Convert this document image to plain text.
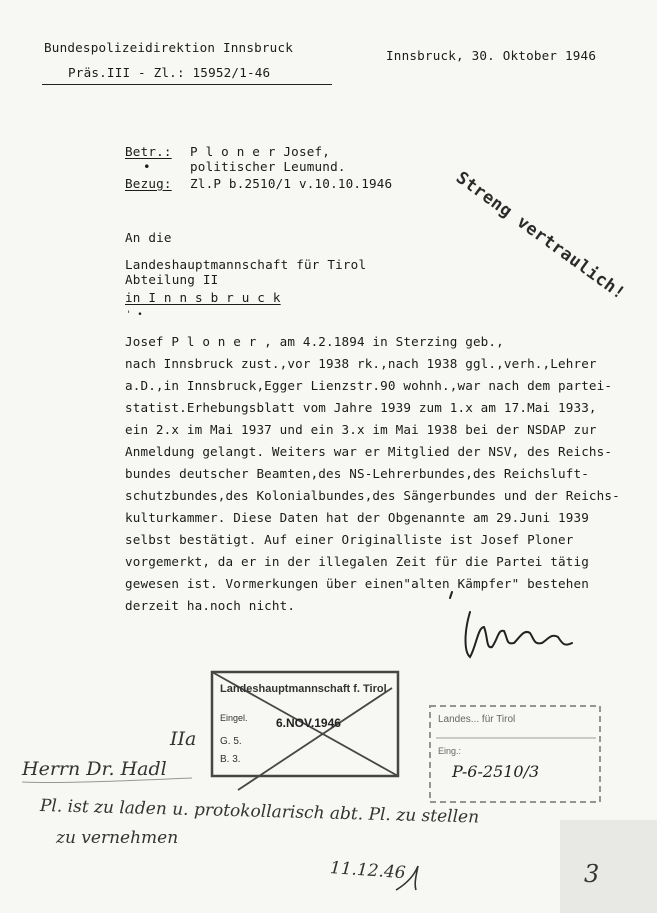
Bundespolizeidirektion Innsbruck
Präs.III - Zl.: 15952/1-46
Innsbruck, 30. Oktober 1946
Betr.: P l o n e r Josef,
politischer Leumund.
•
Bezug: Zl.P b.2510/1 v.10.10.1946	Streng vertraulich!
An die
Landeshauptmannschaft für Tirol
Abteilung II
in I n n s b r u c k
' •
Josef P l o n e r , am 4.2.1894 in Sterzing geb.,
nach Innsbruck zust.,vor 1938 rk.,nach 1938 ggl.,verh.,Lehrer
a.D.,in Innsbruck,Egger Lienzstr.90 wohnh.,war nach dem partei-
statist.Erhebungsblatt vom Jahre 1939 zum 1.x am 17.Mai 1933,
ein 2.x im Mai 1937 und ein 3.x im Mai 1938 bei der NSDAP zur
Anmeldung gelangt. Weiters war er Mitglied der NSV, des Reichs-
bundes deutscher Beamten,des NS-Lehrerbundes,des Reichsluft-
schutzbundes,des Kolonialbundes,des Sängerbundes und der Reichs-
kulturkammer. Diese Daten hat der Obgenannte am 29.Juni 1939
selbst bestätigt. Auf einer Originalliste ist Josef Ploner
vorgemerkt, da er in der illegalen Zeit für die Partei tätig
gewesen ist. Vormerkungen über einen"alten Kämpfer" bestehen
derzeit ha.noch nicht.
Landeshauptmannschaft f. Tirol
Eingel. 6.NOV.1946
G. 5.
B. 3.
Landes... für Tirol
Eing.:
P-6-2510/3
IIa
Herrn Dr. Hadl
Pl. ist zu laden u. protokollarisch abt. Pl. zu stellen
zu vernehmen
11.12.46	3
